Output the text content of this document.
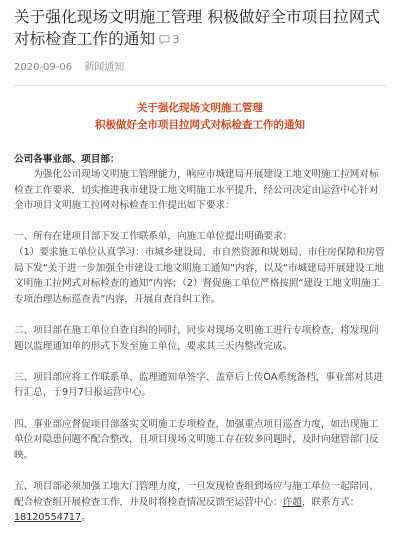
关于强化现场文明施工管理 积极做好全市项目拉网式对标检查工作的通知 3
2020-09-06 新闻通知
关于强化现场文明施工管理
积极做好全市项目拉网式对标检查工作的通知

公司各事业部、项目部：

为强化公司现场文明施工管理能力，响应市城建局开展建设工地文明施工拉网对标检查工作要求，切实推进我市建设工地文明施工水平提升，经公司决定由运营中心针对全市项目文明施工拉网对标检查工作提出如下要求：

一、所有在建项目部下发工作联系单，向施工单位提出明确要求：

（1）要求施工单位认真学习：市城乡建设局、市自然资源和规划局、市住房保障和房管局下发“关于进一步加强全市建设工地文明施工通知”内容，以及“市城建局开展建设工地文明施工拉网式对标检查的通知”内容；（2）督促施工单位严格按照“建设工地文明施工专项治理达标巡查表”内容，开展自查自纠工作。

二、项目部在施工单位自查自纠的同时，同步对现场文明施工进行专项检查，将发现问题以监理通知单的形式下发至施工单位，要求其三天内整改完成。

三、项目部应将工作联系单、监理通知单签字、盖章后上传OA系统备档，事业部对其进行汇总，于9月7日报运营中心。

四、事业部应督促项目部落实文明施工专项检查，加强重点项目巡查力度，如出现施工单位对隐患问题不配合整改，且项目现场文明施工存在较多问题时，及时向建管部门反映。

五、项目部必须加强工地大门管理力度，一旦发现检查组到场应与施工单位一起陪同、配合检查组开展检查工作，并及时将检查情况反馈至运营中心：许超，联系方式：18120554717。
